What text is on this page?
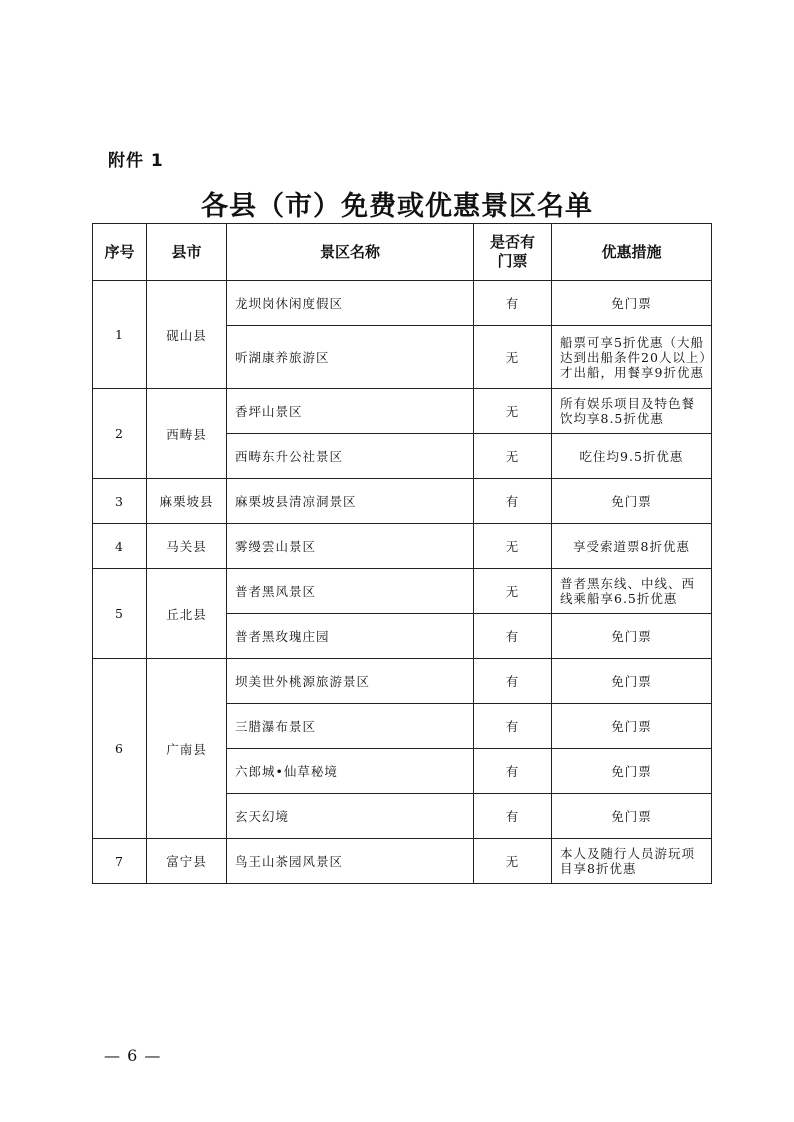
附件 1
各县（市）免费或优惠景区名单
序号	县市	景区名称	是否有门票	优惠措施
1	砚山县	龙坝岗休闲度假区	有	免门票
		听湖康养旅游区	无	船票可享5折优惠（大船达到出船条件20人以上）才出船，用餐享9折优惠
2	西畴县	香坪山景区	无	所有娱乐项目及特色餐饮均享8.5折优惠
		西畴东升公社景区	无	吃住均9.5折优惠
3	麻栗坡县	麻栗坡县清凉洞景区	有	免门票
4	马关县	雾缦雲山景区	无	享受索道票8折优惠
5	丘北县	普者黑风景区	无	普者黑东线、中线、西线乘船享6.5折优惠
		普者黑玫瑰庄园	有	免门票
6	广南县	坝美世外桃源旅游景区	有	免门票
		三腊瀑布景区	有	免门票
		六郎城•仙草秘境	有	免门票
		玄天幻境	有	免门票
7	富宁县	鸟王山茶园风景区	无	本人及随行人员游玩项目享8折优惠
— 6 —
